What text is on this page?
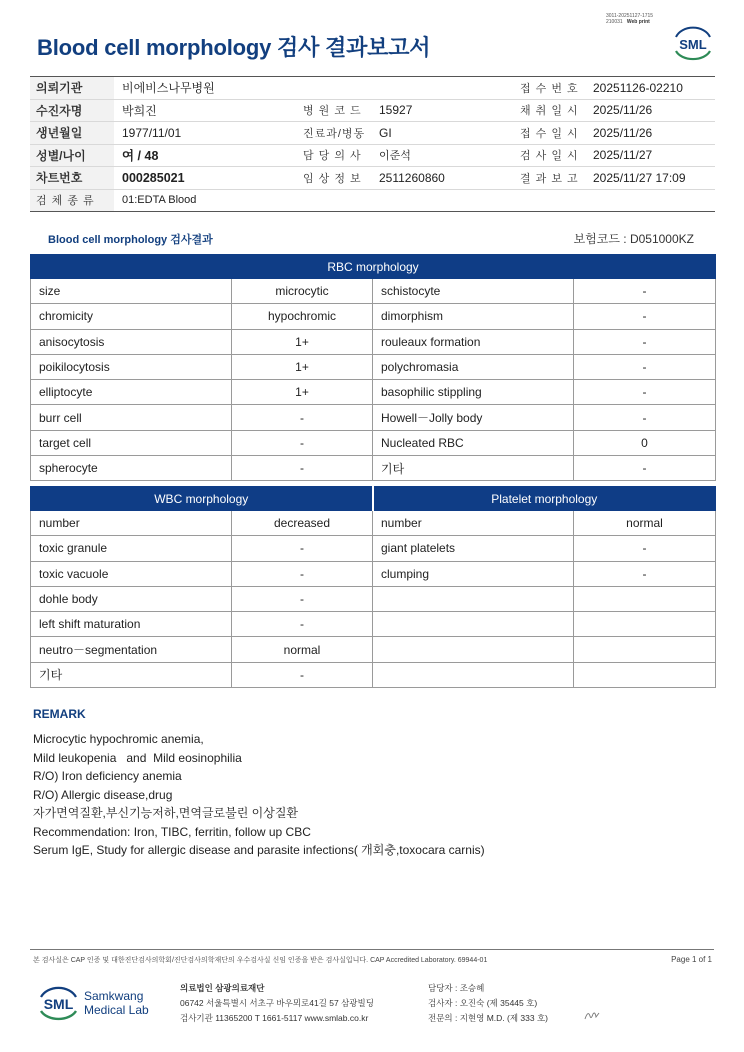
3011-20251127-1715
210031 Web print
Blood cell morphology 검사 결과보고서	SML
의뢰기관	비에비스나무병원			접 수 번 호	20251126-02210
수진자명	박희진	병 원 코 드	15927	채 취 일 시	2025/11/26
생년월일	1977/11/01	진료과/병동	GI	접 수 일 시	2025/11/26
성별/나이	여 / 48	담 당 의 사	이준석	검 사 일 시	2025/11/27
차트번호	000285021	임 상 정 보	2511260860	결 과 보 고	2025/11/27 17:09
검 체 종 류	01:EDTA Blood				
Blood cell morphology 검사결과	보험코드 : D051000KZ
RBC morphology			
size	microcytic	schistocyte	-
chromicity	hypochromic	dimorphism	-
anisocytosis	1+	rouleaux formation	-
poikilocytosis	1+	polychromasia	-
elliptocyte	1+	basophilic stippling	-
burr cell	-	Howell－Jolly body	-
target cell	-	Nucleated RBC	0
spherocyte	-	기타	-
WBC morphology		Platelet morphology	
number	decreased	number	normal
toxic granule	-	giant platelets	-
toxic vacuole	-	clumping	-
dohle body	-		
left shift maturation	-		
neutro－segmentation	normal		
기타	-		
REMARK
Microcytic hypochromic anemia,
Mild leukopenia   and  Mild eosinophilia
R/O) Iron deficiency anemia
R/O) Allergic disease,drug
자가면역질환,부신기능저하,면역글로불린 이상질환
Recommendation: Iron, TIBC, ferritin, follow up CBC
Serum IgE, Study for allergic disease and parasite infections( 개회충,toxocara carnis)
본 검사실은 CAP 인증 및 대한진단검사의학회/진단검사의학재단의 우수검사실 신임 인증을 받은 검사실입니다. CAP Accredited Laboratory. 69944-01	Page 1 of 1
SML Samkwang
Medical Lab
의료법인 삼광의료재단
06742 서울특별시 서초구 바우뫼로41길 57 삼광빌딩
검사기관 11365200 T 1661-5117 www.smlab.co.kr
담당자 : 조승혜
검사자 : 오진숙 (제 35445 호)
전문의 : 지현영 M.D. (제 333 호)
